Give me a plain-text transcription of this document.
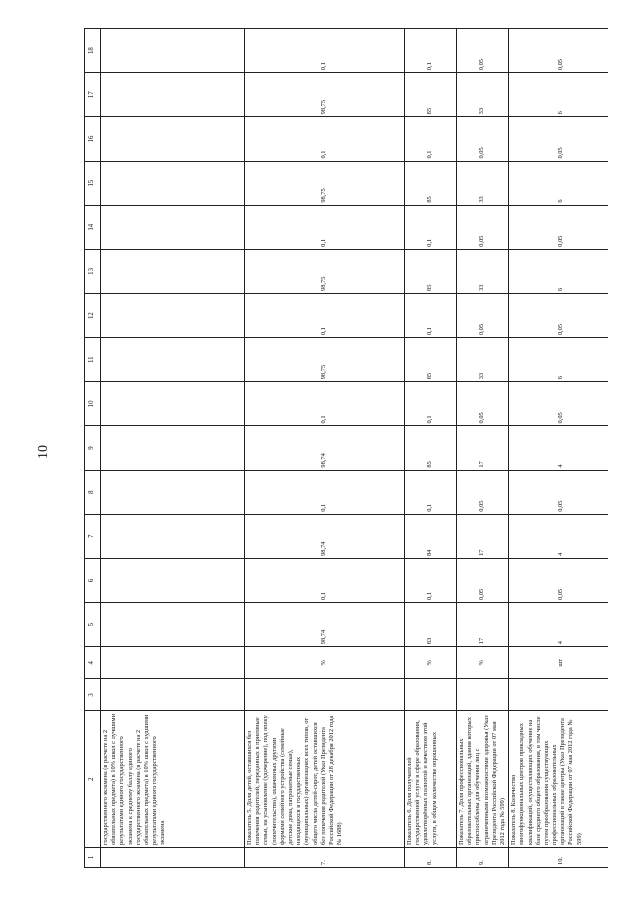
10
1	2	3	4	5	6	7	8	9	10	11	12	13	14	15	16	17	18
	государственного экзамена (в расчете на 2 обязательных предмета) в 10% школ с лучшими результатами единого государственного экзамена к среднему баллу единого государственного экзамена (в расчете на 2 обязательных предмета) в 10% школ с худшими результатами единого государственного экзамена																
7.	Показатель 5. Доля детей, оставшихся без попечения родителей, переданных в приемные семьи, на усыновление (удочерение), под опеку (попечительство), охваченных другими формами семейного устройства (семейные детские дома, патронатные семьи), находящихся в государственных (муниципальных) организациях всех типов, от общего числа детей-сирот, детей оставшихся без попечения родителей (Указ Президента Российской Федерации от 28 декабря 2012 года № 1688)		%	98,74	0,1	98,74	0,1	98,74	0,1	98,75	0,1	98,75	0,1	98,75	0,1	98,75	0,1
8.	Показатель 6. Доля получателей государственной услуги в сфере образования, удовлетворённых полнотой и качеством этой услуги, в общем количестве опрошенных		%	83	0,1	84	0,1	85	0,1	85	0,1	85	0,1	85	0,1	85	0,1
9.	Показатель 7. Доля профессиональных образовательных организаций, здания которых приспособлены для обучения лиц с ограниченными возможностями здоровья (Указ Президента Российской Федерации от 07 мая 2012 года № 599)		%	17	0,05	17	0,05	17	0,05	33	0,05	33	0,05	33	0,05	33	0,05
10.	Показатель 8. Количество многофункциональных центров прикладных квалификаций, осуществляющих обучение на базе среднего общего образования, в том числе путем преобразования существующих профессиональных образовательных организаций в такие центры (Указ Президента Российской Федерации от 07 мая 2012 года № 599)		шт	4	0,05	4	0,05	4	0,05	6	0,05	6	0,05	6	0,05	6	0,05
